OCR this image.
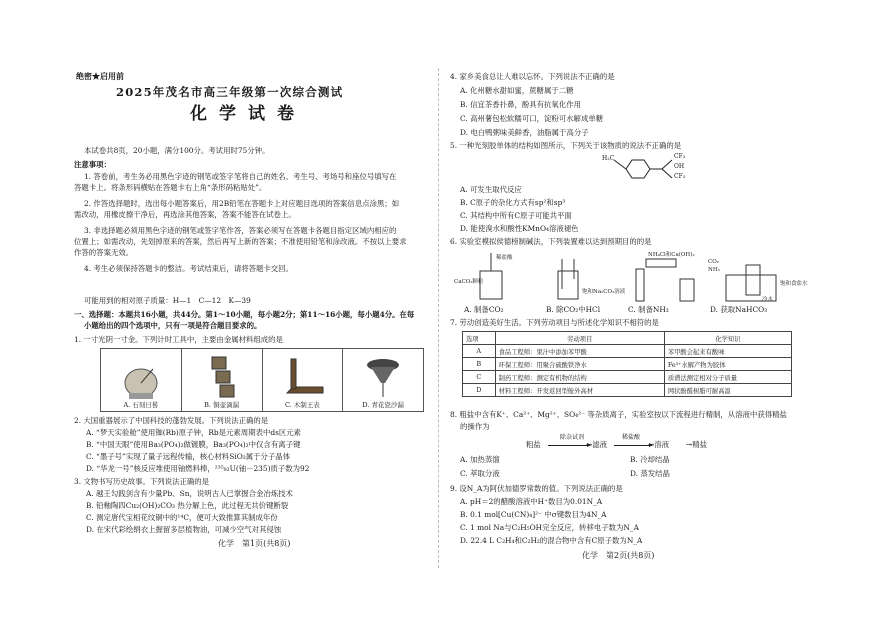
绝密★启用前
2025年茂名市高三年级第一次综合测试
化学试卷
本试卷共8页，20小题，满分100分。考试用时75分钟。
注意事项：
1. 答卷前，考生务必用黑色字迹的钢笔或签字笔将自己的姓名、考生号、考场号和座位号填写在
答题卡上。将条形码横贴在答题卡右上角“条形码粘贴处”。
2. 作答选择题时，选出每小题答案后，用2B铅笔在答题卡上对应题目选项的答案信息点涂黑；如
需改动，用橡皮擦干净后，再选涂其他答案，答案不能答在试卷上。
3. 非选择题必须用黑色字迹的钢笔或签字笔作答，答案必须写在答题卡各题目指定区域内相应的
位置上；如需改动，先划掉原来的答案，然后再写上新的答案；不准使用铅笔和涂改液。不按以上要求
作答的答案无效。
4. 考生必须保持答题卡的整洁。考试结束后，请将答题卡交回。
可能用到的相对原子质量：H—1　C—12　K—39
一、选择题：本题共16小题，共44分。第1～10小题，每小题2分；第11～16小题，每小题4分。在每
小题给出的四个选项中，只有一项是符合题目要求的。
1. 一寸光阴一寸金。下列计时工具中，主要由金属材料组成的是
A. 石刻日晷	B. 铜壶滴漏	C. 木制王表	D. 青花瓷沙漏
2. 大国重器展示了中国科技的蓬勃发展。下列说法正确的是
A. “梦天实验舱”使用铷(Rb)原子钟，Rb是元素周期表中ds区元素
B. “中国天眼”使用Ba₃(PO₄)₂做镀膜，Ba₃(PO₄)₂中仅含有离子键
C. “墨子号”实现了量子远程传输，核心材料SiO₂属于分子晶体
D. “华龙一号”核反应堆使用铀燃料棒，²³⁵₉₂U(铀－235)质子数为92
3. 文物书写历史故事。下列说法正确的是
A. 越王勾践剑含有少量Pb、Sn，说明古人已掌握合金冶炼技术
B. 铅釉陶四Cu₂(OH)₂CO₃ 热分解上色，此过程无共价键断裂
C. 测定唐代宝相花纹铜中的¹⁴C，便可大致推算其制成年份
D. 在宋代彩绘绢衣上握留多层植物油，可减少空气对其侵蚀
化学　第1页(共8页)
4. 家乡美食总让人难以忘怀。下列说法不正确的是
A. 化州糖水甜如蜜，蔗糖属于二糖
B. 信宜茶香扑鼻，酚具有抗氧化作用
C. 高州薯包松软糯可口，淀粉可水解成单糖
D. 电白鸭粥味美鲜香，油脂属于高分子
5. 一种光刻胶单体的结构如图所示，下列关于该物质的说法不正确的是
H₂C	CF₃
OH
CF₃
A. 可发生取代反应
B. C原子的杂化方式有sp²和sp³
C. 其结构中所有C原子可能共平面
D. 能使溴水和酸性KMnO₄溶液褪色
6. 实验室模拟侯德榜制碱法，下列装置难以达到预期目的的是
稀盐酸
CaCO₃颗粒
饱和Na₂CO₃溶液
NH₄Cl和Ca(OH)₂
CO₂
NH₃
饱和食盐水
冷水
A. 制备CO₂	B. 除CO₂中HCl	C. 制备NH₃	D. 获取NaHCO₃
7. 劳动创造美好生活。下列劳动项目与所述化学知识不相符的是
选项	劳动项目	化学知识
A	食品工程师：果汁中添加苯甲酸	苯甲酸会起来有酸味
B	环保工程师：用聚合硫酸铁净水	Fe³⁺水解产物为胶体
C	制药工程师：测定有机物的结构	质谱法测定相对分子质量
D	材料工程师：开发返回型舱外高材	网状酚醛树脂可耐高温
8. 粗盐中含有K⁺、Ca²⁺、Mg²⁺、SO₄²⁻ 等杂质离子，实验室按以下流程进行精制，从溶液中获得精盐
的操作为
粗盐
除杂试剂
→滤液
稀盐酸
→溶液 →精盐
A. 加热蒸馏	B. 冷却结晶
C. 萃取分液	D. 蒸发结晶
9. 设N_A为阿伏加德罗常数的值。下列说法正确的是
A. pH＝2的醋酸溶液中H⁺数目为0.01N_A
B. 0.1 mol[Cu(CN)₄]²⁻ 中σ键数目为4N_A
C. 1 mol Na与C₂H₅OH完全反应，转移电子数为N_A
D. 22.4 L C₂H₄和C₂H₂的混合物中含有C原子数为N_A
化学　第2页(共8页)
